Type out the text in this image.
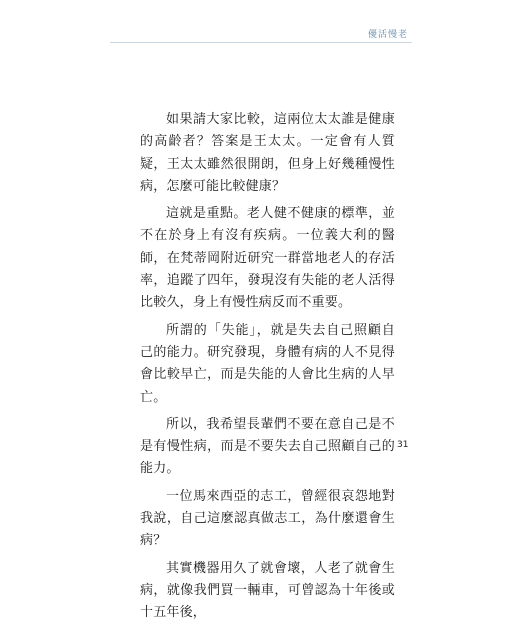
優活慢老

如果請大家比較，這兩位太太誰是健康的高齡者？答案是王太太。一定會有人質疑，王太太雖然很開朗，但身上好幾種慢性病，怎麼可能比較健康？

這就是重點。老人健不健康的標準，並不在於身上有沒有疾病。一位義大利的醫師，在梵蒂岡附近研究一群當地老人的存活率，追蹤了四年，發現沒有失能的老人活得比較久，身上有慢性病反而不重要。

所謂的「失能」，就是失去自己照顧自己的能力。研究發現，身體有病的人不見得會比較早亡，而是失能的人會比生病的人早亡。

所以，我希望長輩們不要在意自己是不是有慢性病，而是不要失去自己照顧自己的能力。

一位馬來西亞的志工，曾經很哀怨地對我說，自己這麼認真做志工，為什麼還會生病？

其實機器用久了就會壞，人老了就會生病，就像我們買一輛車，可曾認為十年後或十五年後，

31
